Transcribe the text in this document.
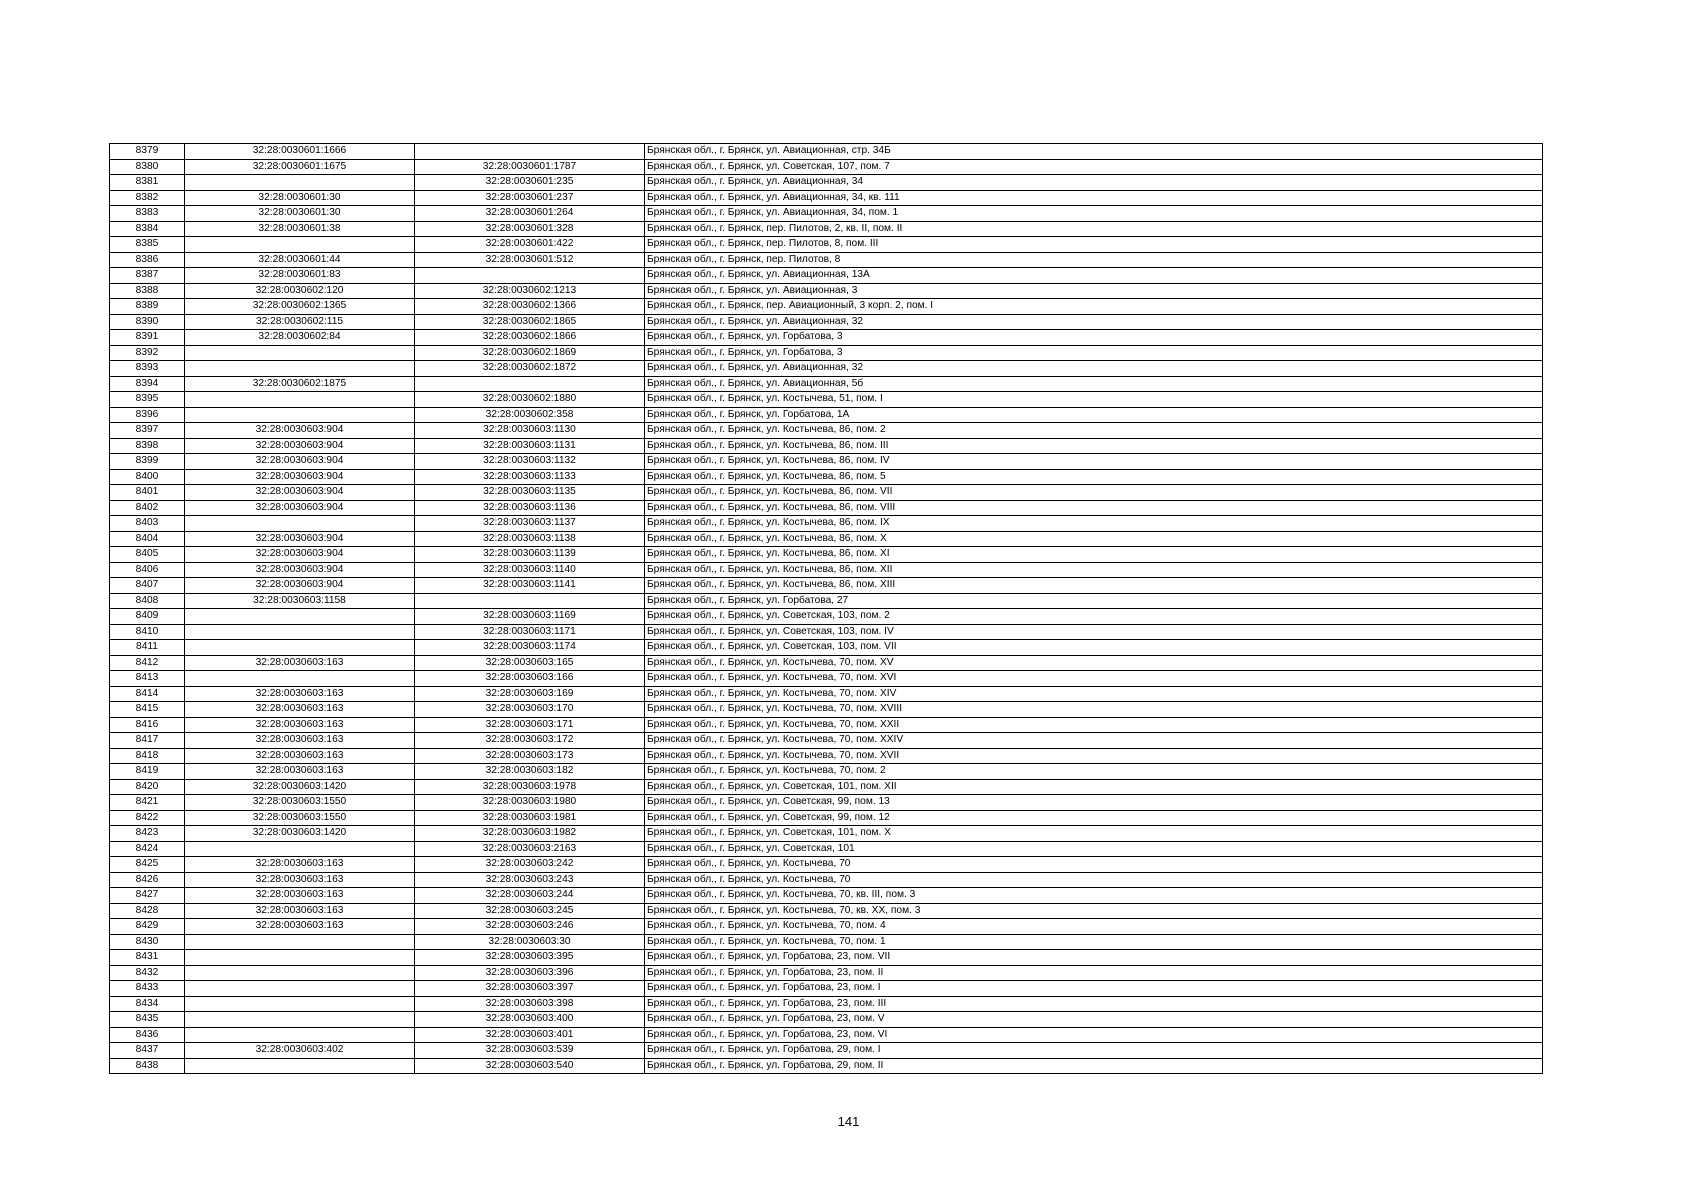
8379	32:28:0030601:1666		Брянская обл., г. Брянск, ул. Авиационная, стр. 34Б
8380	32:28:0030601:1675	32:28:0030601:1787	Брянская обл., г. Брянск, ул. Советская, 107, пом. 7
8381		32:28:0030601:235	Брянская обл., г. Брянск, ул. Авиационная, 34
8382	32:28:0030601:30	32:28:0030601:237	Брянская обл., г. Брянск, ул. Авиационная, 34, кв. 111
8383	32:28:0030601:30	32:28:0030601:264	Брянская обл., г. Брянск, ул. Авиационная, 34, пом. 1
8384	32:28:0030601:38	32:28:0030601:328	Брянская обл., г. Брянск, пер. Пилотов, 2, кв. II, пом. II
8385		32:28:0030601:422	Брянская обл., г. Брянск, пер. Пилотов, 8, пом. III
8386	32:28:0030601:44	32:28:0030601:512	Брянская обл., г. Брянск, пер. Пилотов, 8
8387	32:28:0030601:83		Брянская обл., г. Брянск, ул. Авиационная, 13А
8388	32:28:0030602:120	32:28:0030602:1213	Брянская обл., г. Брянск, ул. Авиационная, 3
8389	32:28:0030602:1365	32:28:0030602:1366	Брянская обл., г. Брянск, пер. Авиационный, 3 корп. 2, пом. I
8390	32:28:0030602:115	32:28:0030602:1865	Брянская обл., г. Брянск, ул. Авиационная, 32
8391	32:28:0030602:84	32:28:0030602:1866	Брянская обл., г. Брянск, ул. Горбатова, 3
8392		32:28:0030602:1869	Брянская обл., г. Брянск, ул. Горбатова, 3
8393		32:28:0030602:1872	Брянская обл., г. Брянск, ул. Авиационная, 32
8394	32:28:0030602:1875		Брянская обл., г. Брянск, ул. Авиационная, 5б
8395		32:28:0030602:1880	Брянская обл., г. Брянск, ул. Костычева, 51, пом. I
8396		32:28:0030602:358	Брянская обл., г. Брянск, ул. Горбатова, 1А
8397	32:28:0030603:904	32:28:0030603:1130	Брянская обл., г. Брянск, ул. Костычева, 86, пом. 2
8398	32:28:0030603:904	32:28:0030603:1131	Брянская обл., г. Брянск, ул. Костычева, 86, пом. III
8399	32:28:0030603:904	32:28:0030603:1132	Брянская обл., г. Брянск, ул. Костычева, 86, пом. IV
8400	32:28:0030603:904	32:28:0030603:1133	Брянская обл., г. Брянск, ул. Костычева, 86, пом. 5
8401	32:28:0030603:904	32:28:0030603:1135	Брянская обл., г. Брянск, ул. Костычева, 86, пом. VII
8402	32:28:0030603:904	32:28:0030603:1136	Брянская обл., г. Брянск, ул. Костычева, 86, пом. VIII
8403		32:28:0030603:1137	Брянская обл., г. Брянск, ул. Костычева, 86, пом. IX
8404	32:28:0030603:904	32:28:0030603:1138	Брянская обл., г. Брянск, ул. Костычева, 86, пом. X
8405	32:28:0030603:904	32:28:0030603:1139	Брянская обл., г. Брянск, ул. Костычева, 86, пом. XI
8406	32:28:0030603:904	32:28:0030603:1140	Брянская обл., г. Брянск, ул. Костычева, 86, пом. XII
8407	32:28:0030603:904	32:28:0030603:1141	Брянская обл., г. Брянск, ул. Костычева, 86, пом. XIII
8408	32:28:0030603:1158		Брянская обл., г. Брянск, ул. Горбатова, 27
8409		32:28:0030603:1169	Брянская обл., г. Брянск, ул. Советская, 103, пом. 2
8410		32:28:0030603:1171	Брянская обл., г. Брянск, ул. Советская, 103, пом. IV
8411		32:28:0030603:1174	Брянская обл., г. Брянск, ул. Советская, 103, пом. VII
8412	32:28:0030603:163	32:28:0030603:165	Брянская обл., г. Брянск, ул. Костычева, 70, пом. XV
8413		32:28:0030603:166	Брянская обл., г. Брянск, ул. Костычева, 70, пом. XVI
8414	32:28:0030603:163	32:28:0030603:169	Брянская обл., г. Брянск, ул. Костычева, 70, пом. XIV
8415	32:28:0030603:163	32:28:0030603:170	Брянская обл., г. Брянск, ул. Костычева, 70, пом. XVIII
8416	32:28:0030603:163	32:28:0030603:171	Брянская обл., г. Брянск, ул. Костычева, 70, пом. XXII
8417	32:28:0030603:163	32:28:0030603:172	Брянская обл., г. Брянск, ул. Костычева, 70, пом. XXIV
8418	32:28:0030603:163	32:28:0030603:173	Брянская обл., г. Брянск, ул. Костычева, 70, пом. XVII
8419	32:28:0030603:163	32:28:0030603:182	Брянская обл., г. Брянск, ул. Костычева, 70, пом. 2
8420	32:28:0030603:1420	32:28:0030603:1978	Брянская обл., г. Брянск, ул. Советская, 101, пом. XII
8421	32:28:0030603:1550	32:28:0030603:1980	Брянская обл., г. Брянск, ул. Советская, 99, пом. 13
8422	32:28:0030603:1550	32:28:0030603:1981	Брянская обл., г. Брянск, ул. Советская, 99, пом. 12
8423	32:28:0030603:1420	32:28:0030603:1982	Брянская обл., г. Брянск, ул. Советская, 101, пом. X
8424		32:28:0030603:2163	Брянская обл., г. Брянск, ул. Советская, 101
8425	32:28:0030603:163	32:28:0030603:242	Брянская обл., г. Брянск, ул. Костычева, 70
8426	32:28:0030603:163	32:28:0030603:243	Брянская обл., г. Брянск, ул. Костычева, 70
8427	32:28:0030603:163	32:28:0030603:244	Брянская обл., г. Брянск, ул. Костычева, 70, кв. III, пом. 3
8428	32:28:0030603:163	32:28:0030603:245	Брянская обл., г. Брянск, ул. Костычева, 70, кв. XX, пом. 3
8429	32:28:0030603:163	32:28:0030603:246	Брянская обл., г. Брянск, ул. Костычева, 70, пом. 4
8430		32:28:0030603:30	Брянская обл., г. Брянск, ул. Костычева, 70, пом. 1
8431		32:28:0030603:395	Брянская обл., г. Брянск, ул. Горбатова, 23, пом. VII
8432		32:28:0030603:396	Брянская обл., г. Брянск, ул. Горбатова, 23, пом. II
8433		32:28:0030603:397	Брянская обл., г. Брянск, ул. Горбатова, 23, пом. I
8434		32:28:0030603:398	Брянская обл., г. Брянск, ул. Горбатова, 23, пом. III
8435		32:28:0030603:400	Брянская обл., г. Брянск, ул. Горбатова, 23, пом. V
8436		32:28:0030603:401	Брянская обл., г. Брянск, ул. Горбатова, 23, пом. VI
8437	32:28:0030603:402	32:28:0030603:539	Брянская обл., г. Брянск, ул. Горбатова, 29, пом. I
8438		32:28:0030603:540	Брянская обл., г. Брянск, ул. Горбатова, 29, пом. II
141
